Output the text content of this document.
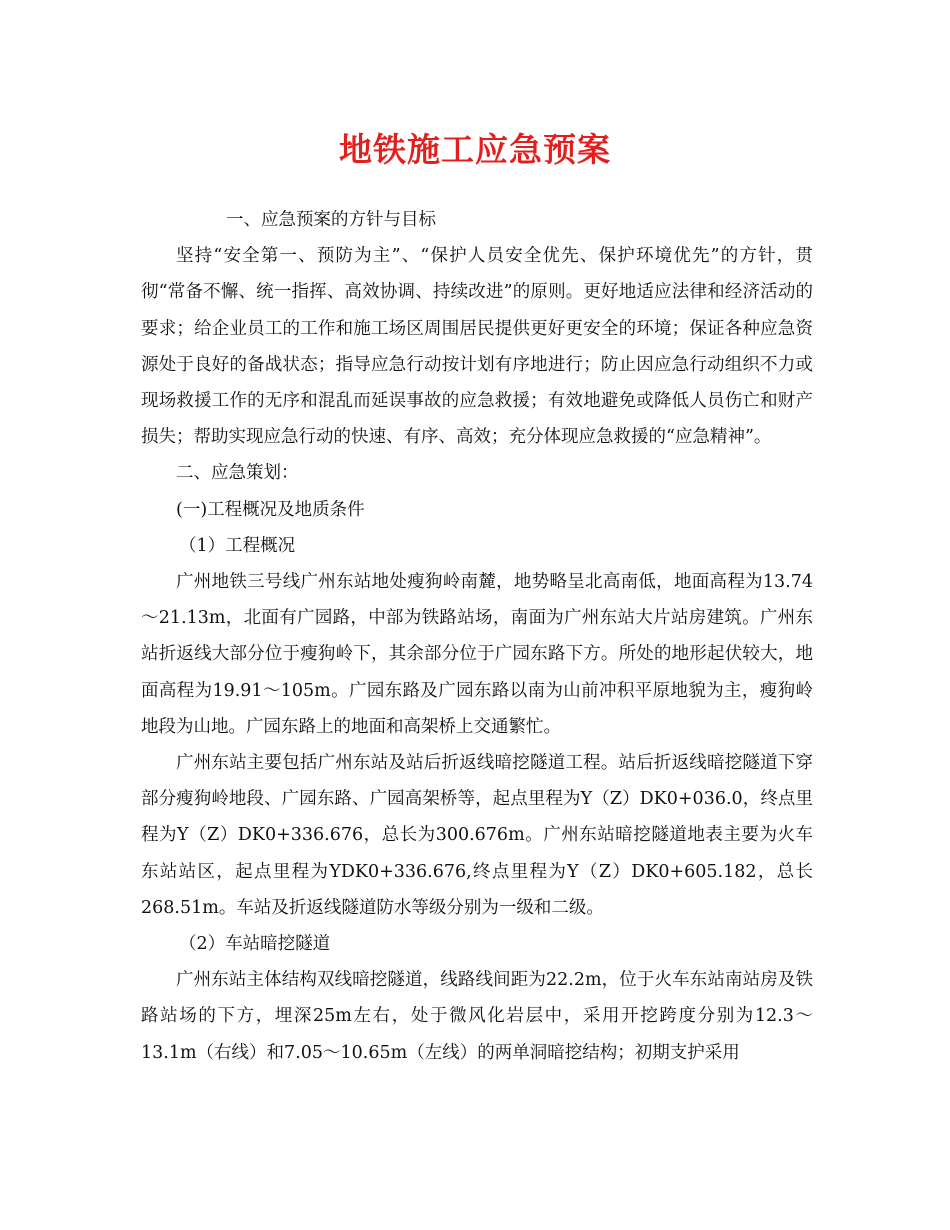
地铁施工应急预案

一、应急预案的方针与目标

坚持“安全第一、预防为主”、“保护人员安全优先、保护环境优先”的方针，贯彻“常备不懈、统一指挥、高效协调、持续改进”的原则。更好地适应法律和经济活动的要求；给企业员工的工作和施工场区周围居民提供更好更安全的环境；保证各种应急资源处于良好的备战状态；指导应急行动按计划有序地进行；防止因应急行动组织不力或现场救援工作的无序和混乱而延误事故的应急救援；有效地避免或降低人员伤亡和财产损失；帮助实现应急行动的快速、有序、高效；充分体现应急救援的“应急精神”。

二、应急策划：

(一)工程概况及地质条件

（1）工程概况

广州地铁三号线广州东站地处瘦狗岭南麓，地势略呈北高南低，地面高程为13.74～21.13m，北面有广园路，中部为铁路站场，南面为广州东站大片站房建筑。广州东站折返线大部分位于瘦狗岭下，其余部分位于广园东路下方。所处的地形起伏较大，地面高程为19.91～105m。广园东路及广园东路以南为山前冲积平原地貌为主，瘦狗岭地段为山地。广园东路上的地面和高架桥上交通繁忙。

广州东站主要包括广州东站及站后折返线暗挖隧道工程。站后折返线暗挖隧道下穿部分瘦狗岭地段、广园东路、广园高架桥等，起点里程为Y（Z）DK0+036.0，终点里程为Y（Z）DK0+336.676，总长为300.676m。广州东站暗挖隧道地表主要为火车东站站区，起点里程为YDK0+336.676,终点里程为Y（Z）DK0+605.182，总长268.51m。车站及折返线隧道防水等级分别为一级和二级。

（2）车站暗挖隧道

广州东站主体结构双线暗挖隧道，线路线间距为22.2m，位于火车东站南站房及铁路站场的下方，埋深25m左右，处于微风化岩层中，采用开挖跨度分别为12.3～13.1m（右线）和7.05～10.65m（左线）的两单洞暗挖结构；初期支护采用
